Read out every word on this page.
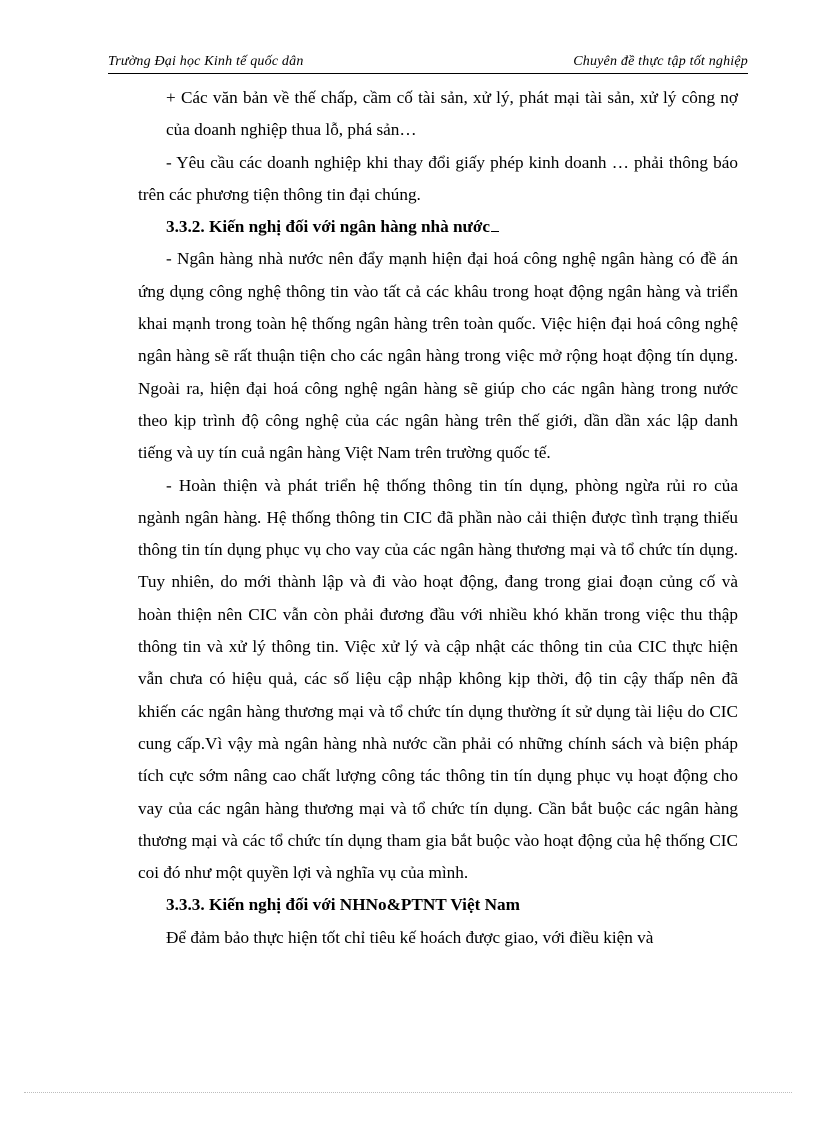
Trường Đại học Kinh tế quốc dân	Chuyên đề thực tập tốt nghiệp

+ Các văn bản về thế chấp, cầm cố tài sản, xử lý, phát mại tài sản, xử lý công nợ của doanh nghiệp thua lỗ, phá sản…

- Yêu cầu các doanh nghiệp khi thay đổi giấy phép kinh doanh … phải thông báo trên các phương tiện thông tin đại chúng.

3.3.2. Kiến nghị đối với ngân hàng nhà nước

- Ngân hàng nhà nước nên đẩy mạnh hiện đại hoá công nghệ ngân hàng có đề án ứng dụng công nghệ thông tin vào tất cả các khâu trong hoạt động ngân hàng và triển khai mạnh trong toàn hệ thống ngân hàng trên toàn quốc. Việc hiện đại hoá công nghệ ngân hàng sẽ rất thuận tiện cho các ngân hàng trong việc mở rộng hoạt động tín dụng. Ngoài ra, hiện đại hoá công nghệ ngân hàng sẽ giúp cho các ngân hàng trong nước theo kịp trình độ công nghệ của các ngân hàng trên thế giới, dần dần xác lập danh tiếng và uy tín cuả ngân hàng Việt Nam trên trường quốc tế.

- Hoàn thiện và phát triển hệ thống thông tin tín dụng, phòng ngừa rủi ro của ngành ngân hàng. Hệ thống thông tin CIC đã phần nào cải thiện được tình trạng thiếu thông tin tín dụng phục vụ cho vay của các ngân hàng thương mại và tổ chức tín dụng. Tuy nhiên, do mới thành lập và đi vào hoạt động, đang trong giai đoạn củng cố và hoàn thiện nên CIC vẫn còn phải đương đầu với nhiều khó khăn trong việc thu thập thông tin và xử lý thông tin. Việc xử lý và cập nhật các thông tin của CIC thực hiện vẫn chưa có hiệu quả, các số liệu cập nhập không kịp thời, độ tin cậy thấp nên đã khiến các ngân hàng thương mại và tổ chức tín dụng thường ít sử dụng tài liệu do CIC cung cấp.Vì vậy mà ngân hàng nhà nước cần phải có những chính sách và biện pháp tích cực sớm nâng cao chất lượng công tác thông tin tín dụng phục vụ hoạt động cho vay của các ngân hàng thương mại và tổ chức tín dụng. Cần bắt buộc các ngân hàng thương mại và các tổ chức tín dụng tham gia bắt buộc vào hoạt động của hệ thống CIC coi đó như một quyền lợi và nghĩa vụ của mình.

3.3.3. Kiến nghị đối với NHNo&PTNT Việt Nam

Để đảm bảo thực hiện tốt chỉ tiêu kế hoách được giao, với điều kiện và
